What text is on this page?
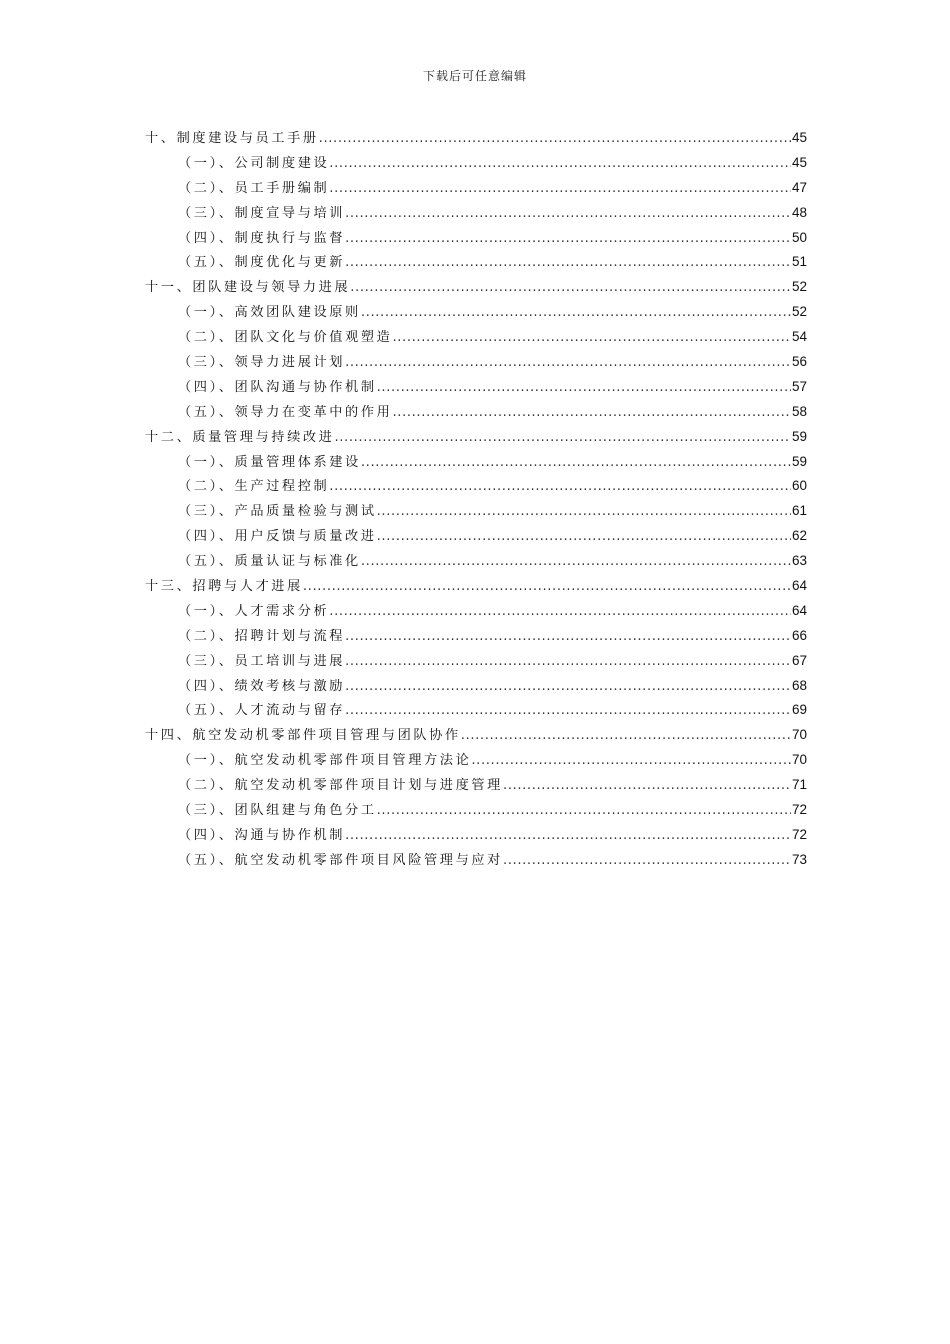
下载后可任意编辑
十、制度建设与员工手册 .....	45
（一）、公司制度建设 .....	45
（二）、员工手册编制 .....	47
（三）、制度宣导与培训 .....	48
（四）、制度执行与监督 .....	50
（五）、制度优化与更新 .....	51
十一、团队建设与领导力进展 .....	52
（一）、高效团队建设原则 .....	52
（二）、团队文化与价值观塑造 .....	54
（三）、领导力进展计划 .....	56
（四）、团队沟通与协作机制 .....	57
（五）、领导力在变革中的作用 .....	58
十二、质量管理与持续改进 .....	59
（一）、质量管理体系建设 .....	59
（二）、生产过程控制 .....	60
（三）、产品质量检验与测试 .....	61
（四）、用户反馈与质量改进 .....	62
（五）、质量认证与标准化 .....	63
十三、招聘与人才进展 .....	64
（一）、人才需求分析 .....	64
（二）、招聘计划与流程 .....	66
（三）、员工培训与进展 .....	67
（四）、绩效考核与激励 .....	68
（五）、人才流动与留存 .....	69
十四、航空发动机零部件项目管理与团队协作 .....	70
（一）、航空发动机零部件项目管理方法论 .....	70
（二）、航空发动机零部件项目计划与进度管理 .....	71
（三）、团队组建与角色分工 .....	72
（四）、沟通与协作机制 .....	72
（五）、航空发动机零部件项目风险管理与应对 .....	73
